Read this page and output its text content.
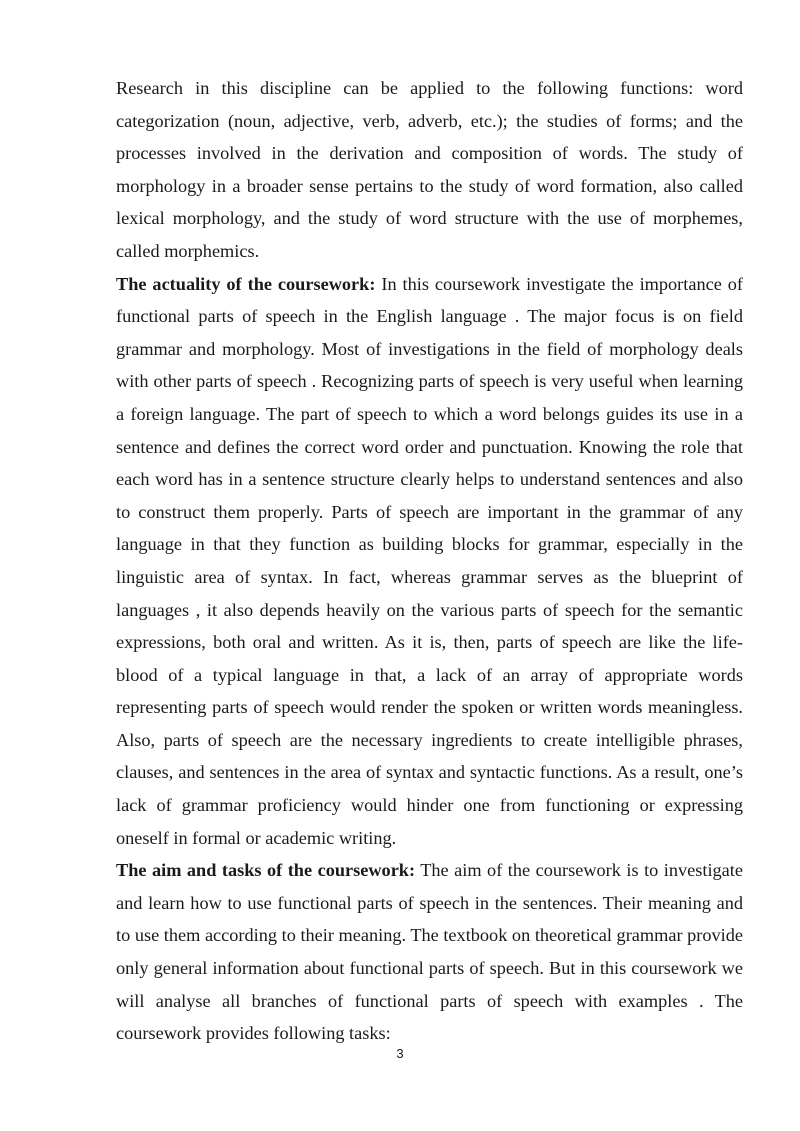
Research in this discipline can be applied to the following functions: word categorization (noun, adjective, verb, adverb, etc.); the studies of forms; and the processes involved in the derivation and composition of words. The study of morphology in a broader sense pertains to the study of word formation, also called lexical morphology, and the study of word structure with the use of morphemes, called morphemics.

The actuality of the coursework: In this coursework investigate the importance of functional parts of speech in the English language . The major focus is on field grammar and morphology. Most of investigations in the field of morphology deals with other parts of speech . Recognizing parts of speech is very useful when learning a foreign language. The part of speech to which a word belongs guides its use in a sentence and defines the correct word order and punctuation. Knowing the role that each word has in a sentence structure clearly helps to understand sentences and also to construct them properly. Parts of speech are important in the grammar of any language in that they function as building blocks for grammar, especially in the linguistic area of syntax. In fact, whereas grammar serves as the blueprint of languages , it also depends heavily on the various parts of speech for the semantic expressions, both oral and written. As it is, then, parts of speech are like the life-blood of a typical language in that, a lack of an array of appropriate words representing parts of speech would render the spoken or written words meaningless. Also, parts of speech are the necessary ingredients to create intelligible phrases, clauses, and sentences in the area of syntax and syntactic functions. As a result, one’s lack of grammar proficiency would hinder one from functioning or expressing oneself in formal or academic writing.

The aim and tasks of the coursework: The aim of the coursework is to investigate and learn how to use functional parts of speech in the sentences. Their meaning and to use them according to their meaning. The textbook on theoretical grammar provide only general information about functional parts of speech. But in this coursework we will analyse all branches of functional parts of speech with examples . The coursework provides following tasks:

3
